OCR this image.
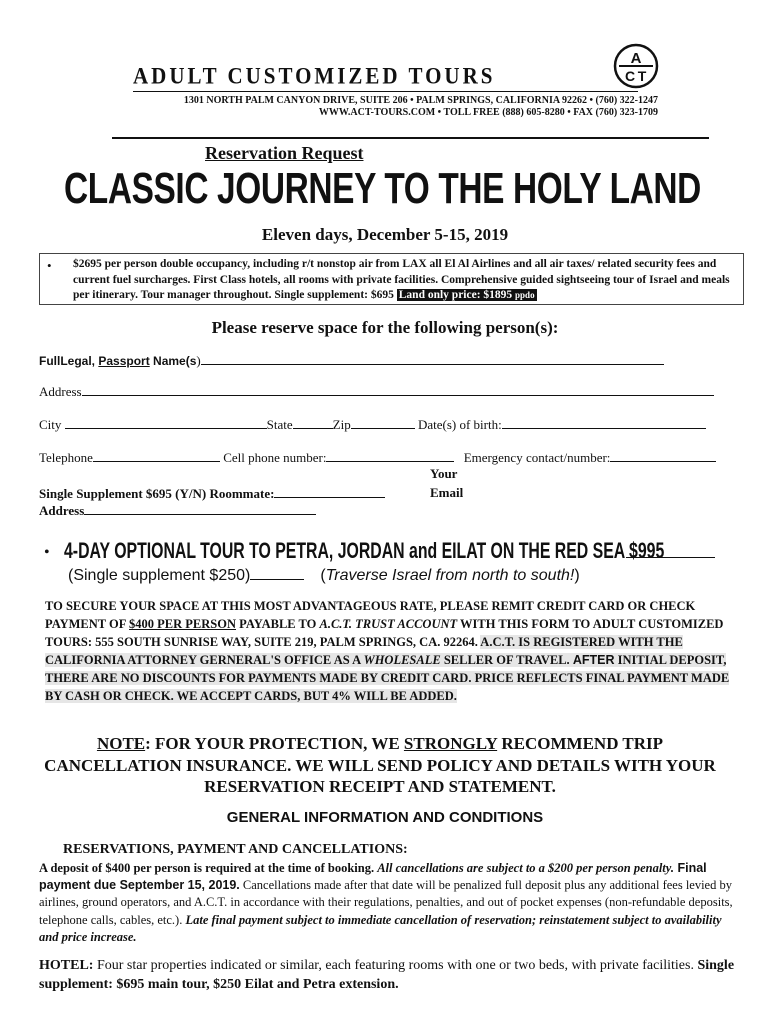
ADULT CUSTOMIZED TOURS
1301 NORTH PALM CANYON DRIVE, SUITE 206 • PALM SPRINGS, CALIFORNIA 92262 • (760) 322-1247
WWW.ACT-TOURS.COM • TOLL FREE (888) 605-8280 • FAX (760) 323-1709
A
C T
Reservation Request
CLASSIC JOURNEY TO THE HOLY LAND
Eleven days, December 5-15, 2019
• $2695 per person double occupancy, including r/t nonstop air from LAX all El Al Airlines and all air taxes/ related security fees and current fuel surcharges. First Class hotels, all rooms with private facilities. Comprehensive guided sightseeing tour of Israel and meals per itinerary. Tour manager throughout. Single supplement: $695 Land only price: $1895 ppdo
Please reserve space for the following person(s):
FullLegal, Passport Name(s)
Address
City	State	Zip	Date(s) of birth:
Telephone	Cell phone number:	Emergency contact/number:
Your
Single Supplement $695 (Y/N) Roommate:	Email
Address
• 4-DAY OPTIONAL TOUR TO PETRA, JORDAN and EILAT ON THE RED SEA $995
(Single supplement $250)	(Traverse Israel from north to south!)
TO SECURE YOUR SPACE AT THIS MOST ADVANTAGEOUS RATE, PLEASE REMIT CREDIT CARD OR CHECK PAYMENT OF $400 PER PERSON PAYABLE TO A.C.T. TRUST ACCOUNT WITH THIS FORM TO ADULT CUSTOMIZED TOURS: 555 SOUTH SUNRISE WAY, SUITE 219, PALM SPRINGS, CA. 92264. A.C.T. IS REGISTERED WITH THE CALIFORNIA ATTORNEY GERNERAL'S OFFICE AS A WHOLESALE SELLER OF TRAVEL. AFTER INITIAL DEPOSIT, THERE ARE NO DISCOUNTS FOR PAYMENTS MADE BY CREDIT CARD. PRICE REFLECTS FINAL PAYMENT MADE BY CASH OR CHECK. WE ACCEPT CARDS, BUT 4% WILL BE ADDED.
NOTE: FOR YOUR PROTECTION, WE STRONGLY RECOMMEND TRIP CANCELLATION INSURANCE. WE WILL SEND POLICY AND DETAILS WITH YOUR RESERVATION RECEIPT AND STATEMENT.
GENERAL INFORMATION AND CONDITIONS
RESERVATIONS, PAYMENT AND CANCELLATIONS:
A deposit of $400 per person is required at the time of booking. All cancellations are subject to a $200 per person penalty. Final payment due September 15, 2019. Cancellations made after that date will be penalized full deposit plus any additional fees levied by airlines, ground operators, and A.C.T. in accordance with their regulations, penalties, and out of pocket expenses (non-refundable deposits, telephone calls, cables, etc.). Late final payment subject to immediate cancellation of reservation; reinstatement subject to availability and price increase.
HOTEL: Four star properties indicated or similar, each featuring rooms with one or two beds, with private facilities. Single supplement: $695 main tour, $250 Eilat and Petra extension.
